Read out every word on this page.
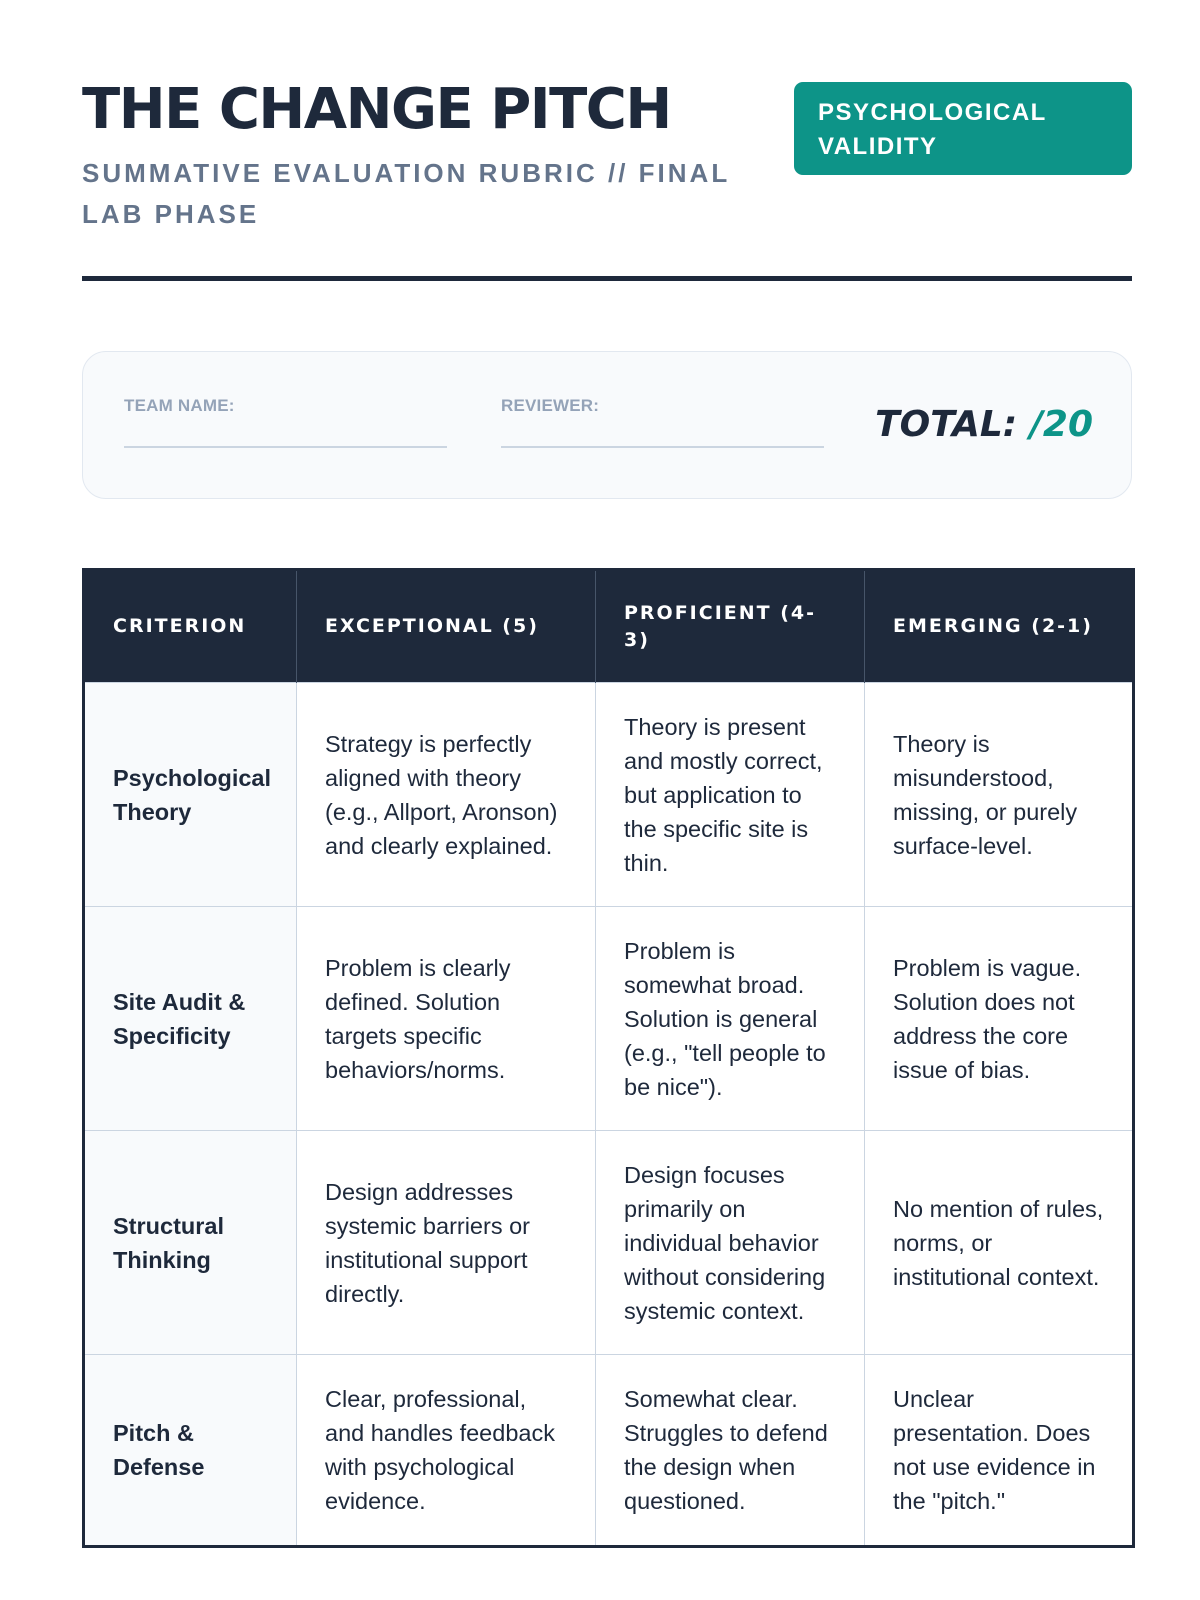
THE CHANGE PITCH

SUMMATIVE EVALUATION RUBRIC // FINAL LAB PHASE

PSYCHOLOGICAL VALIDITY
TEAM NAME:	REVIEWER:	TOTAL: /20
CRITERION	EXCEPTIONAL (5)	PROFICIENT (4-3)	EMERGING (2-1)
Psychological Theory	Strategy is perfectly aligned with theory (e.g., Allport, Aronson) and clearly explained.	Theory is present and mostly correct, but application to the specific site is thin.	Theory is misunderstood, missing, or purely surface-level.
Site Audit & Specificity	Problem is clearly defined. Solution targets specific behaviors/norms.	Problem is somewhat broad. Solution is general (e.g., "tell people to be nice").	Problem is vague. Solution does not address the core issue of bias.
Structural Thinking	Design addresses systemic barriers or institutional support directly.	Design focuses primarily on individual behavior without considering systemic context.	No mention of rules, norms, or institutional context.
Pitch & Defense	Clear, professional, and handles feedback with psychological evidence.	Somewhat clear. Struggles to defend the design when questioned.	Unclear presentation. Does not use evidence in the "pitch."
